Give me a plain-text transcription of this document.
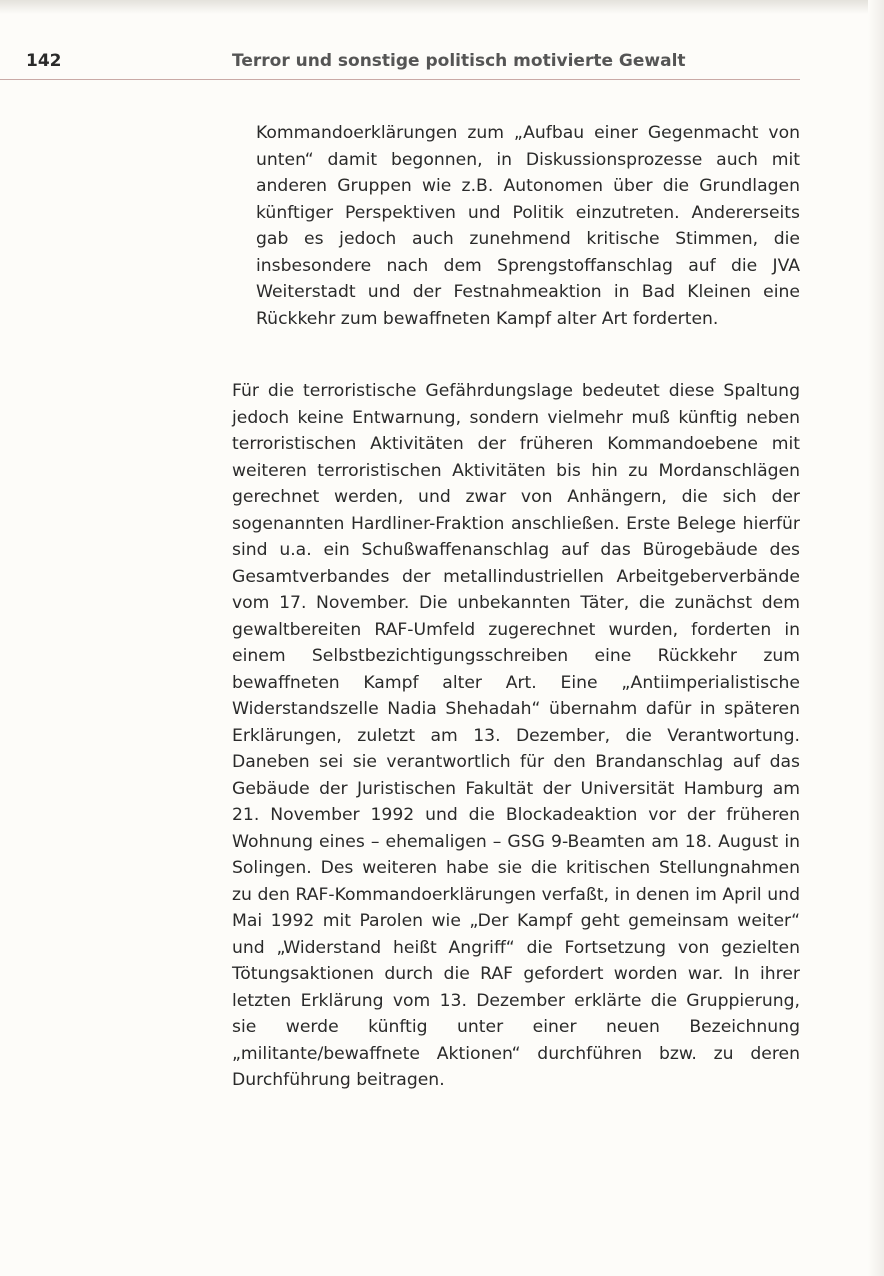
142	Terror und sonstige politisch motivierte Gewalt

Kommandoerklärungen zum „Aufbau einer Gegenmacht von unten“ damit begonnen, in Diskussionsprozesse auch mit anderen Gruppen wie z.B. Autonomen über die Grundlagen künftiger Perspektiven und Politik einzutreten. Andererseits gab es jedoch auch zunehmend kritische Stimmen, die insbesondere nach dem Sprengstoffanschlag auf die JVA Weiterstadt und der Festnahmeaktion in Bad Kleinen eine Rückkehr zum bewaffneten Kampf alter Art forderten.

Für die terroristische Gefährdungslage bedeutet diese Spaltung jedoch keine Entwarnung, sondern vielmehr muß künftig neben terroristischen Aktivitäten der früheren Kommandoebene mit weiteren terroristischen Aktivitäten bis hin zu Mordanschlägen gerechnet werden, und zwar von Anhängern, die sich der sogenannten Hardliner-Fraktion anschließen. Erste Belege hierfür sind u.a. ein Schußwaffenanschlag auf das Bürogebäude des Gesamtverbandes der metallindustriellen Arbeitgeberverbände vom 17. November. Die unbekannten Täter, die zunächst dem gewaltbereiten RAF-Umfeld zugerechnet wurden, forderten in einem Selbstbezichtigungsschreiben eine Rückkehr zum bewaffneten Kampf alter Art. Eine „Antiimperialistische Widerstandszelle Nadia Shehadah“ übernahm dafür in späteren Erklärungen, zuletzt am 13. Dezember, die Verantwortung. Daneben sei sie verantwortlich für den Brandanschlag auf das Gebäude der Juristischen Fakultät der Universität Hamburg am 21. November 1992 und die Blockadeaktion vor der früheren Wohnung eines – ehemaligen – GSG 9-Beamten am 18. August in Solingen. Des weiteren habe sie die kritischen Stellungnahmen zu den RAF-Kommandoerklärungen verfaßt, in denen im April und Mai 1992 mit Parolen wie „Der Kampf geht gemeinsam weiter“ und „Widerstand heißt Angriff“ die Fortsetzung von gezielten Tötungsaktionen durch die RAF gefordert worden war. In ihrer letzten Erklärung vom 13. Dezember erklärte die Gruppierung, sie werde künftig unter einer neuen Bezeichnung „militante/bewaffnete Aktionen“ durchführen bzw. zu deren Durchführung beitragen.
